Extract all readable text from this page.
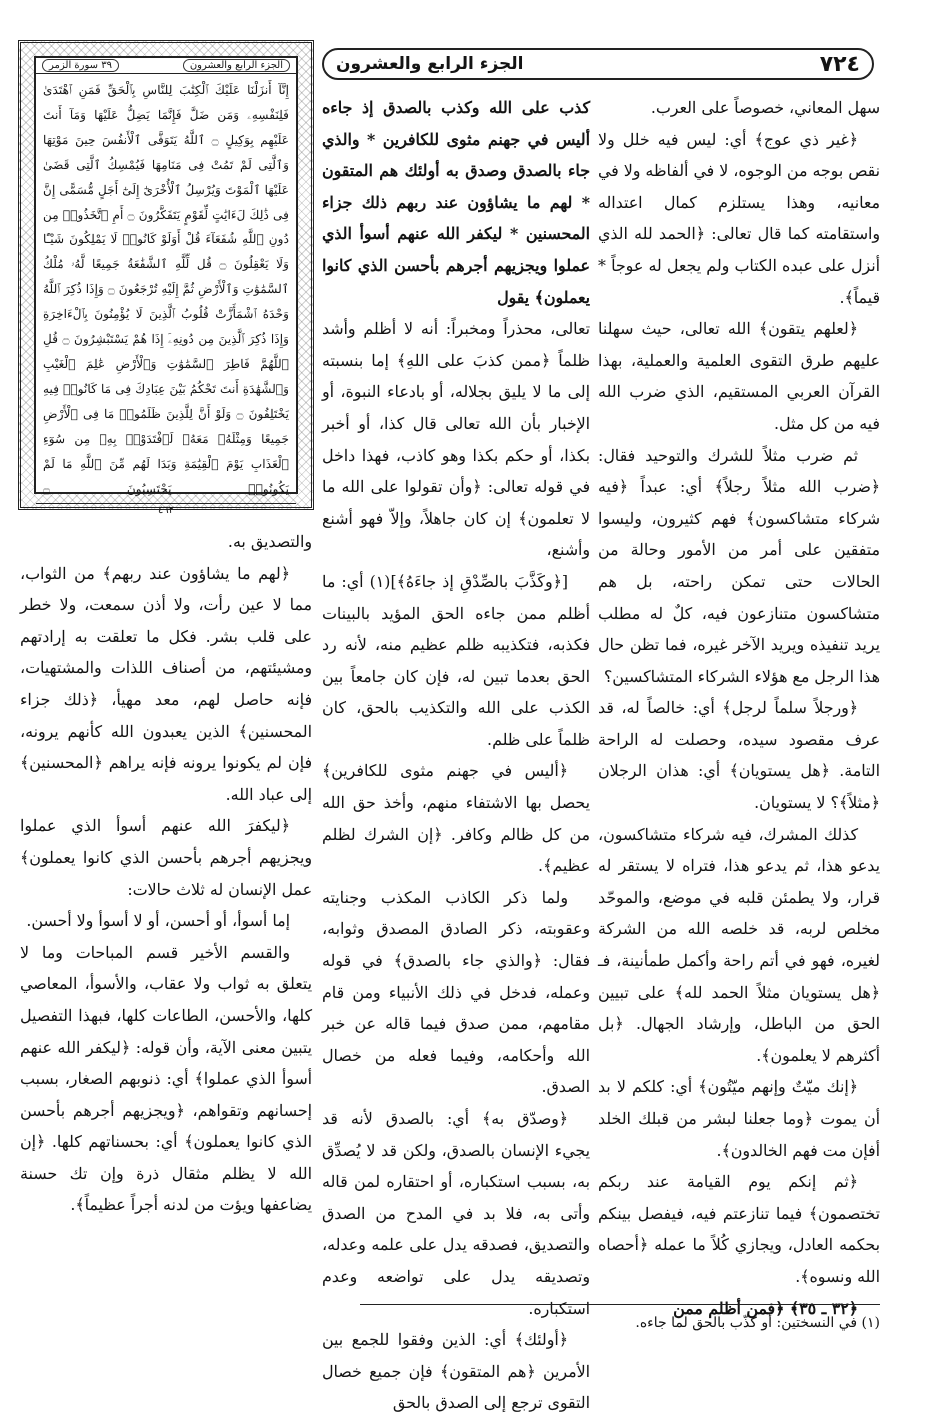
٧٢٤
الجزء الرابع والعشرون
الجزء الرابع والعشرون
٣٩ سورة الزمر
إِنَّآ أَنزَلْنَا عَلَيْكَ ٱلْكِتَٰبَ لِلنَّاسِ بِٱلْحَقِّ فَمَنِ ٱهْتَدَىٰ فَلِنَفْسِهِۦ وَمَن ضَلَّ فَإِنَّمَا يَضِلُّ عَلَيْهَا وَمَآ أَنتَ عَلَيْهِم بِوَكِيلٍ ۝ ٱللَّهُ يَتَوَفَّى ٱلْأَنفُسَ حِينَ مَوْتِهَا وَٱلَّتِى لَمْ تَمُتْ فِى مَنَامِهَا فَيُمْسِكُ ٱلَّتِى قَضَىٰ عَلَيْهَا ٱلْمَوْتَ وَيُرْسِلُ ٱلْأُخْرَىٰٓ إِلَىٰٓ أَجَلٍ مُّسَمًّى إِنَّ فِى ذَٰلِكَ لَءَايَٰتٍ لِّقَوْمٍ يَتَفَكَّرُونَ ۝ أَمِ ٱتَّخَذُوا۟ مِن دُونِ ٱللَّهِ شُفَعَآءَ قُلْ أَوَلَوْ كَانُوا۟ لَا يَمْلِكُونَ شَيْـًٔا وَلَا يَعْقِلُونَ ۝ قُل لِّلَّهِ ٱلشَّفَٰعَةُ جَمِيعًا لَّهُۥ مُلْكُ ٱلسَّمَٰوَٰتِ وَٱلْأَرْضِ ثُمَّ إِلَيْهِ تُرْجَعُونَ ۝ وَإِذَا ذُكِرَ ٱللَّهُ وَحْدَهُ ٱشْمَأَزَّتْ قُلُوبُ ٱلَّذِينَ لَا يُؤْمِنُونَ بِٱلْءَاخِرَةِ وَإِذَا ذُكِرَ ٱلَّذِينَ مِن دُونِهِۦٓ إِذَا هُمْ يَسْتَبْشِرُونَ ۝ قُلِ ٱللَّهُمَّ فَاطِرَ ٱلسَّمَٰوَٰتِ وَٱلْأَرْضِ عَٰلِمَ ٱلْغَيْبِ وَٱلشَّهَٰدَةِ أَنتَ تَحْكُمُ بَيْنَ عِبَادِكَ فِى مَا كَانُوا۟ فِيهِ يَخْتَلِفُونَ ۝ وَلَوْ أَنَّ لِلَّذِينَ ظَلَمُوا۟ مَا فِى ٱلْأَرْضِ جَمِيعًا وَمِثْلَهُۥ مَعَهُۥ لَٱفْتَدَوْا۟ بِهِۦ مِن سُوٓءِ ٱلْعَذَابِ يَوْمَ ٱلْقِيَٰمَةِ وَبَدَا لَهُم مِّنَ ٱللَّهِ مَا لَمْ يَكُونُوا۟ يَحْتَسِبُونَ ۝
٤٦٢

سهل المعاني، خصوصاً على العرب.

﴿غير ذي عوج﴾ أي: ليس فيه خلل ولا نقص بوجه من الوجوه، لا في ألفاظه ولا في معانيه، وهذا يستلزم كمال اعتداله واستقامته كما قال تعالى: ﴿الحمد لله الذي أنزل على عبده الكتاب ولم يجعل له عوجاً * قيماً﴾.

﴿لعلهم يتقون﴾ الله تعالى، حيث سهلنا عليهم طرق التقوى العلمية والعملية، بهذا القرآن العربي المستقيم، الذي ضرب الله فيه من كل مثل.

ثم ضرب مثلاً للشرك والتوحيد فقال: ﴿ضرب الله مثلاً رجلاً﴾ أي: عبداً ﴿فيه شركاء متشاكسون﴾ فهم كثيرون، وليسوا متفقين على أمر من الأمور وحالة من الحالات حتى تمكن راحته، بل هم متشاكسون متنازعون فيه، كلٌ له مطلب يريد تنفيذه ويريد الآخر غيره، فما تظن حال هذا الرجل مع هؤلاء الشركاء المتشاكسين؟

﴿ورجلاً سلماً لرجل﴾ أي: خالصاً له، قد عرف مقصود سيده، وحصلت له الراحة التامة. ﴿هل يستويان﴾ أي: هذان الرجلان ﴿مثلاً﴾؟ لا يستويان.

كذلك المشرك، فيه شركاء متشاكسون، يدعو هذا، ثم يدعو هذا، فتراه لا يستقر له قرار، ولا يطمئن قلبه في موضع، والموحّد مخلص لربه، قد خلصه الله من الشركة لغيره، فهو في أتم راحة وأكمل طمأنينة، فـ ﴿هل يستويان مثلاً الحمد لله﴾ على تبيين الحق من الباطل، وإرشاد الجهال. ﴿بل أكثرهم لا يعلمون﴾.

﴿إنك ميّتٌ وإنهم ميّتُون﴾ أي: كلكم لا بد أن يموت ﴿وما جعلنا لبشر من قبلك الخلد أفإن مت فهم الخالدون﴾.

﴿ثم إنكم يوم القيامة عند ربكم تختصمون﴾ فيما تنازعتم فيه، فيفصل بينكم بحكمه العادل، ويجازي كُلاً ما عمله ﴿أحصاه الله ونسوه﴾.

﴿٣٢ ـ ٣٥﴾ ﴿فمن أظلم ممن

كذب على الله وكذب بالصدق إذ جاءه أليس في جهنم مثوى للكافرين * والذي جاء بالصدق وصدق به أولئك هم المتقون * لهم ما يشاؤون عند ربهم ذلك جزاء المحسنين * ليكفر الله عنهم أسوأ الذي عملوا ويجزيهم أجرهم بأحسن الذي كانوا يعملون﴾ يقول

تعالى، محذراً ومخبراً: أنه لا أظلم وأشد ظلماً ﴿ممن كذبَ على اللهِ﴾ إما بنسبته إلى ما لا يليق بجلاله، أو بادعاء النبوة، أو الإخبار بأن الله تعالى قال كذا، أو أخبر بكذا، أو حكم بكذا وهو كاذب، فهذا داخل في قوله تعالى: ﴿وأن تقولوا على الله ما لا تعلمون﴾ إن كان جاهلاً، وإلاّ فهو أشنع وأشنع،

[﴿وكَذَّبَ بالصِّدْقِ إذ جاءَهُ﴾](١) أي: ما أظلم ممن جاءه الحق المؤيد بالبينات فكذبه، فتكذيبه ظلم عظيم منه، لأنه رد الحق بعدما تبين له، فإن كان جامعاً بين الكذب على الله والتكذيب بالحق، كان ظلماً على ظلم.

﴿أليس في جهنم مثوى للكافرين﴾ يحصل بها الاشتفاء منهم، وأخذ حق الله من كل ظالم وكافر. ﴿إن الشرك لظلم عظيم﴾.

ولما ذكر الكاذب المكذب وجنايته وعقوبته، ذكر الصادق المصدق وثوابه، فقال: ﴿والذي جاء بالصدق﴾ في قوله وعمله، فدخل في ذلك الأنبياء ومن قام مقامهم، ممن صدق فيما قاله عن خبر الله وأحكامه، وفيما فعله من خصال الصدق.

﴿وصدّق به﴾ أي: بالصدق لأنه قد يجيء الإنسان بالصدق، ولكن قد لا يُصدِّق به، بسبب استكباره، أو احتقاره لمن قاله وأتى به، فلا بد في المدح من الصدق والتصديق، فصدقه يدل على علمه وعدله، وتصديقه يدل على تواضعه وعدم استكباره.

﴿أولئك﴾ أي: الذين وفقوا للجمع بين الأمرين ﴿هم المتقون﴾ فإن جميع خصال التقوى ترجع إلى الصدق بالحق

والتصديق به.

﴿لهم ما يشاؤون عند ربهم﴾ من الثواب، مما لا عين رأت، ولا أذن سمعت، ولا خطر على قلب بشر. فكل ما تعلقت به إرادتهم ومشيئتهم، من أصناف اللذات والمشتهيات، فإنه حاصل لهم، معد مهيأ، ﴿ذلك جزاء المحسنين﴾ الذين يعبدون الله كأنهم يرونه، فإن لم يكونوا يرونه فإنه يراهم ﴿المحسنين﴾ إلى عباد الله.

﴿ليكفرَ الله عنهم أسوأ الذي عملوا ويجزيهم أجرهم بأحسن الذي كانوا يعملون﴾ عمل الإنسان له ثلاث حالات:

إما أسوأ، أو أحسن، أو لا أسوأ ولا أحسن.

والقسم الأخير قسم المباحات وما لا يتعلق به ثواب ولا عقاب، والأسوأ، المعاصي كلها، والأحسن، الطاعات كلها، فبهذا التفصيل يتبين معنى الآية، وأن قوله: ﴿ليكفر الله عنهم أسوأ الذي عملوا﴾ أي: ذنوبهم الصغار، بسبب إحسانهم وتقواهم، ﴿ويجزيهم أجرهم بأحسن الذي كانوا يعملون﴾ أي: بحسناتهم كلها. ﴿إن الله لا يظلم مثقال ذرة وإن تك حسنة يضاعفها ويؤت من لدنه أجراً عظيماً﴾.

(١) في النسختين: أو كذّب بالحق لما جاءه.
